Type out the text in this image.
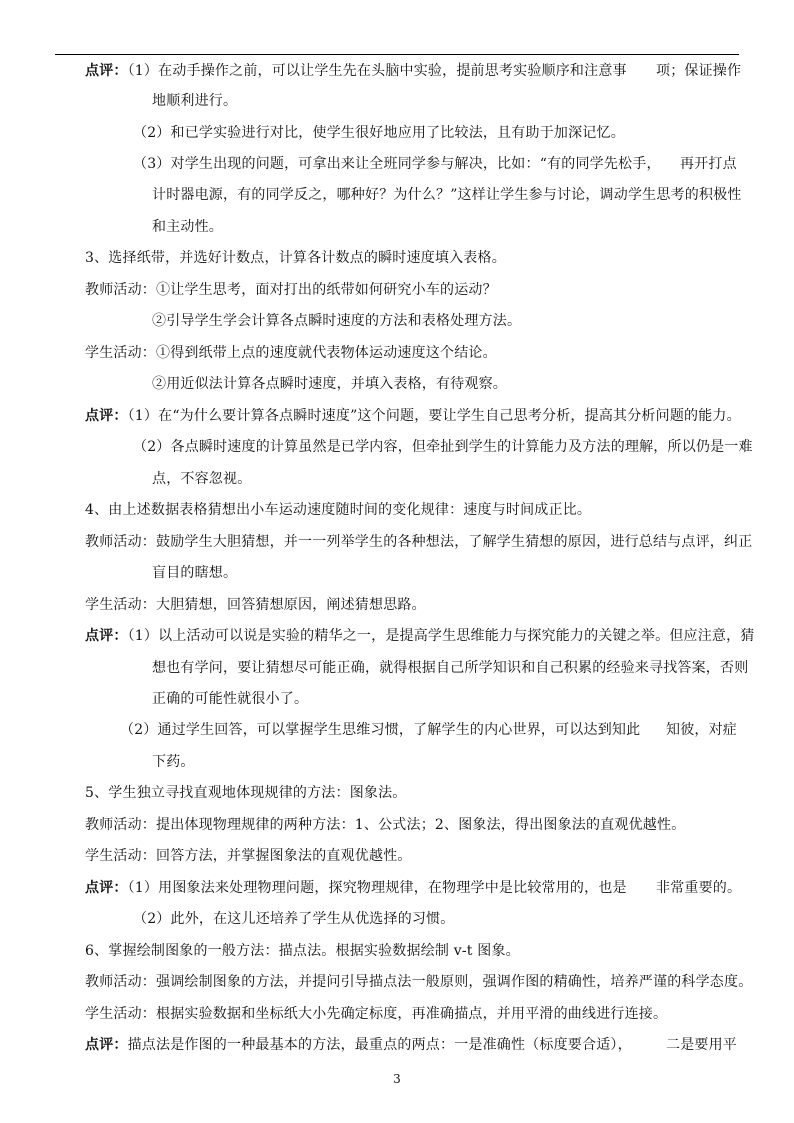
点评：（1）在动手操作之前，可以让学生先在头脑中实验，提前思考实验顺序和注意事 项；保证操作
地顺利进行。
（2）和已学实验进行对比，使学生很好地应用了比较法，且有助于加深记忆。
（3）对学生出现的问题，可拿出来让全班同学参与解决，比如：“有的同学先松手， 再开打点
计时器电源，有的同学反之，哪种好？为什么？”这样让学生参与讨论，调动学生思考的积极性
和主动性。
3、选择纸带，并选好计数点，计算各计数点的瞬时速度填入表格。
教师活动：①让学生思考，面对打出的纸带如何研究小车的运动？
②引导学生学会计算各点瞬时速度的方法和表格处理方法。
学生活动：①得到纸带上点的速度就代表物体运动速度这个结论。
②用近似法计算各点瞬时速度，并填入表格，有待观察。
点评：（1）在“为什么要计算各点瞬时速度”这个问题，要让学生自己思考分析，提高其分析问题的能力。
（2）各点瞬时速度的计算虽然是已学内容，但牵扯到学生的计算能力及方法的理解，所以仍是一难
点，不容忽视。
4、由上述数据表格猜想出小车运动速度随时间的变化规律：速度与时间成正比。
教师活动：鼓励学生大胆猜想，并一一列举学生的各种想法，了解学生猜想的原因，进行总结与点评，纠正
盲目的瞎想。
学生活动：大胆猜想，回答猜想原因，阐述猜想思路。
点评：（1）以上活动可以说是实验的精华之一，是提高学生思维能力与探究能力的关键之举。但应注意，猜
想也有学问，要让猜想尽可能正确，就得根据自己所学知识和自己积累的经验来寻找答案，否则
正确的可能性就很小了。
（2）通过学生回答，可以掌握学生思维习惯，了解学生的内心世界，可以达到知此 知彼，对症
下药。
5、学生独立寻找直观地体现规律的方法：图象法。
教师活动：提出体现物理规律的两种方法：1、公式法；2、图象法，得出图象法的直观优越性。
学生活动：回答方法，并掌握图象法的直观优越性。
点评：（1）用图象法来处理物理问题，探究物理规律，在物理学中是比较常用的，也是 非常重要的。
（2）此外，在这儿还培养了学生从优选择的习惯。
6、掌握绘制图象的一般方法：描点法。根据实验数据绘制 v-t 图象。
教师活动：强调绘制图象的方法，并提问引导描点法一般原则，强调作图的精确性，培养严谨的科学态度。
学生活动：根据实验数据和坐标纸大小先确定标度，再准确描点，并用平滑的曲线进行连接。
点评：描点法是作图的一种最基本的方法，最重点的两点：一是准确性（标度要合适）， 二是要用平
3
